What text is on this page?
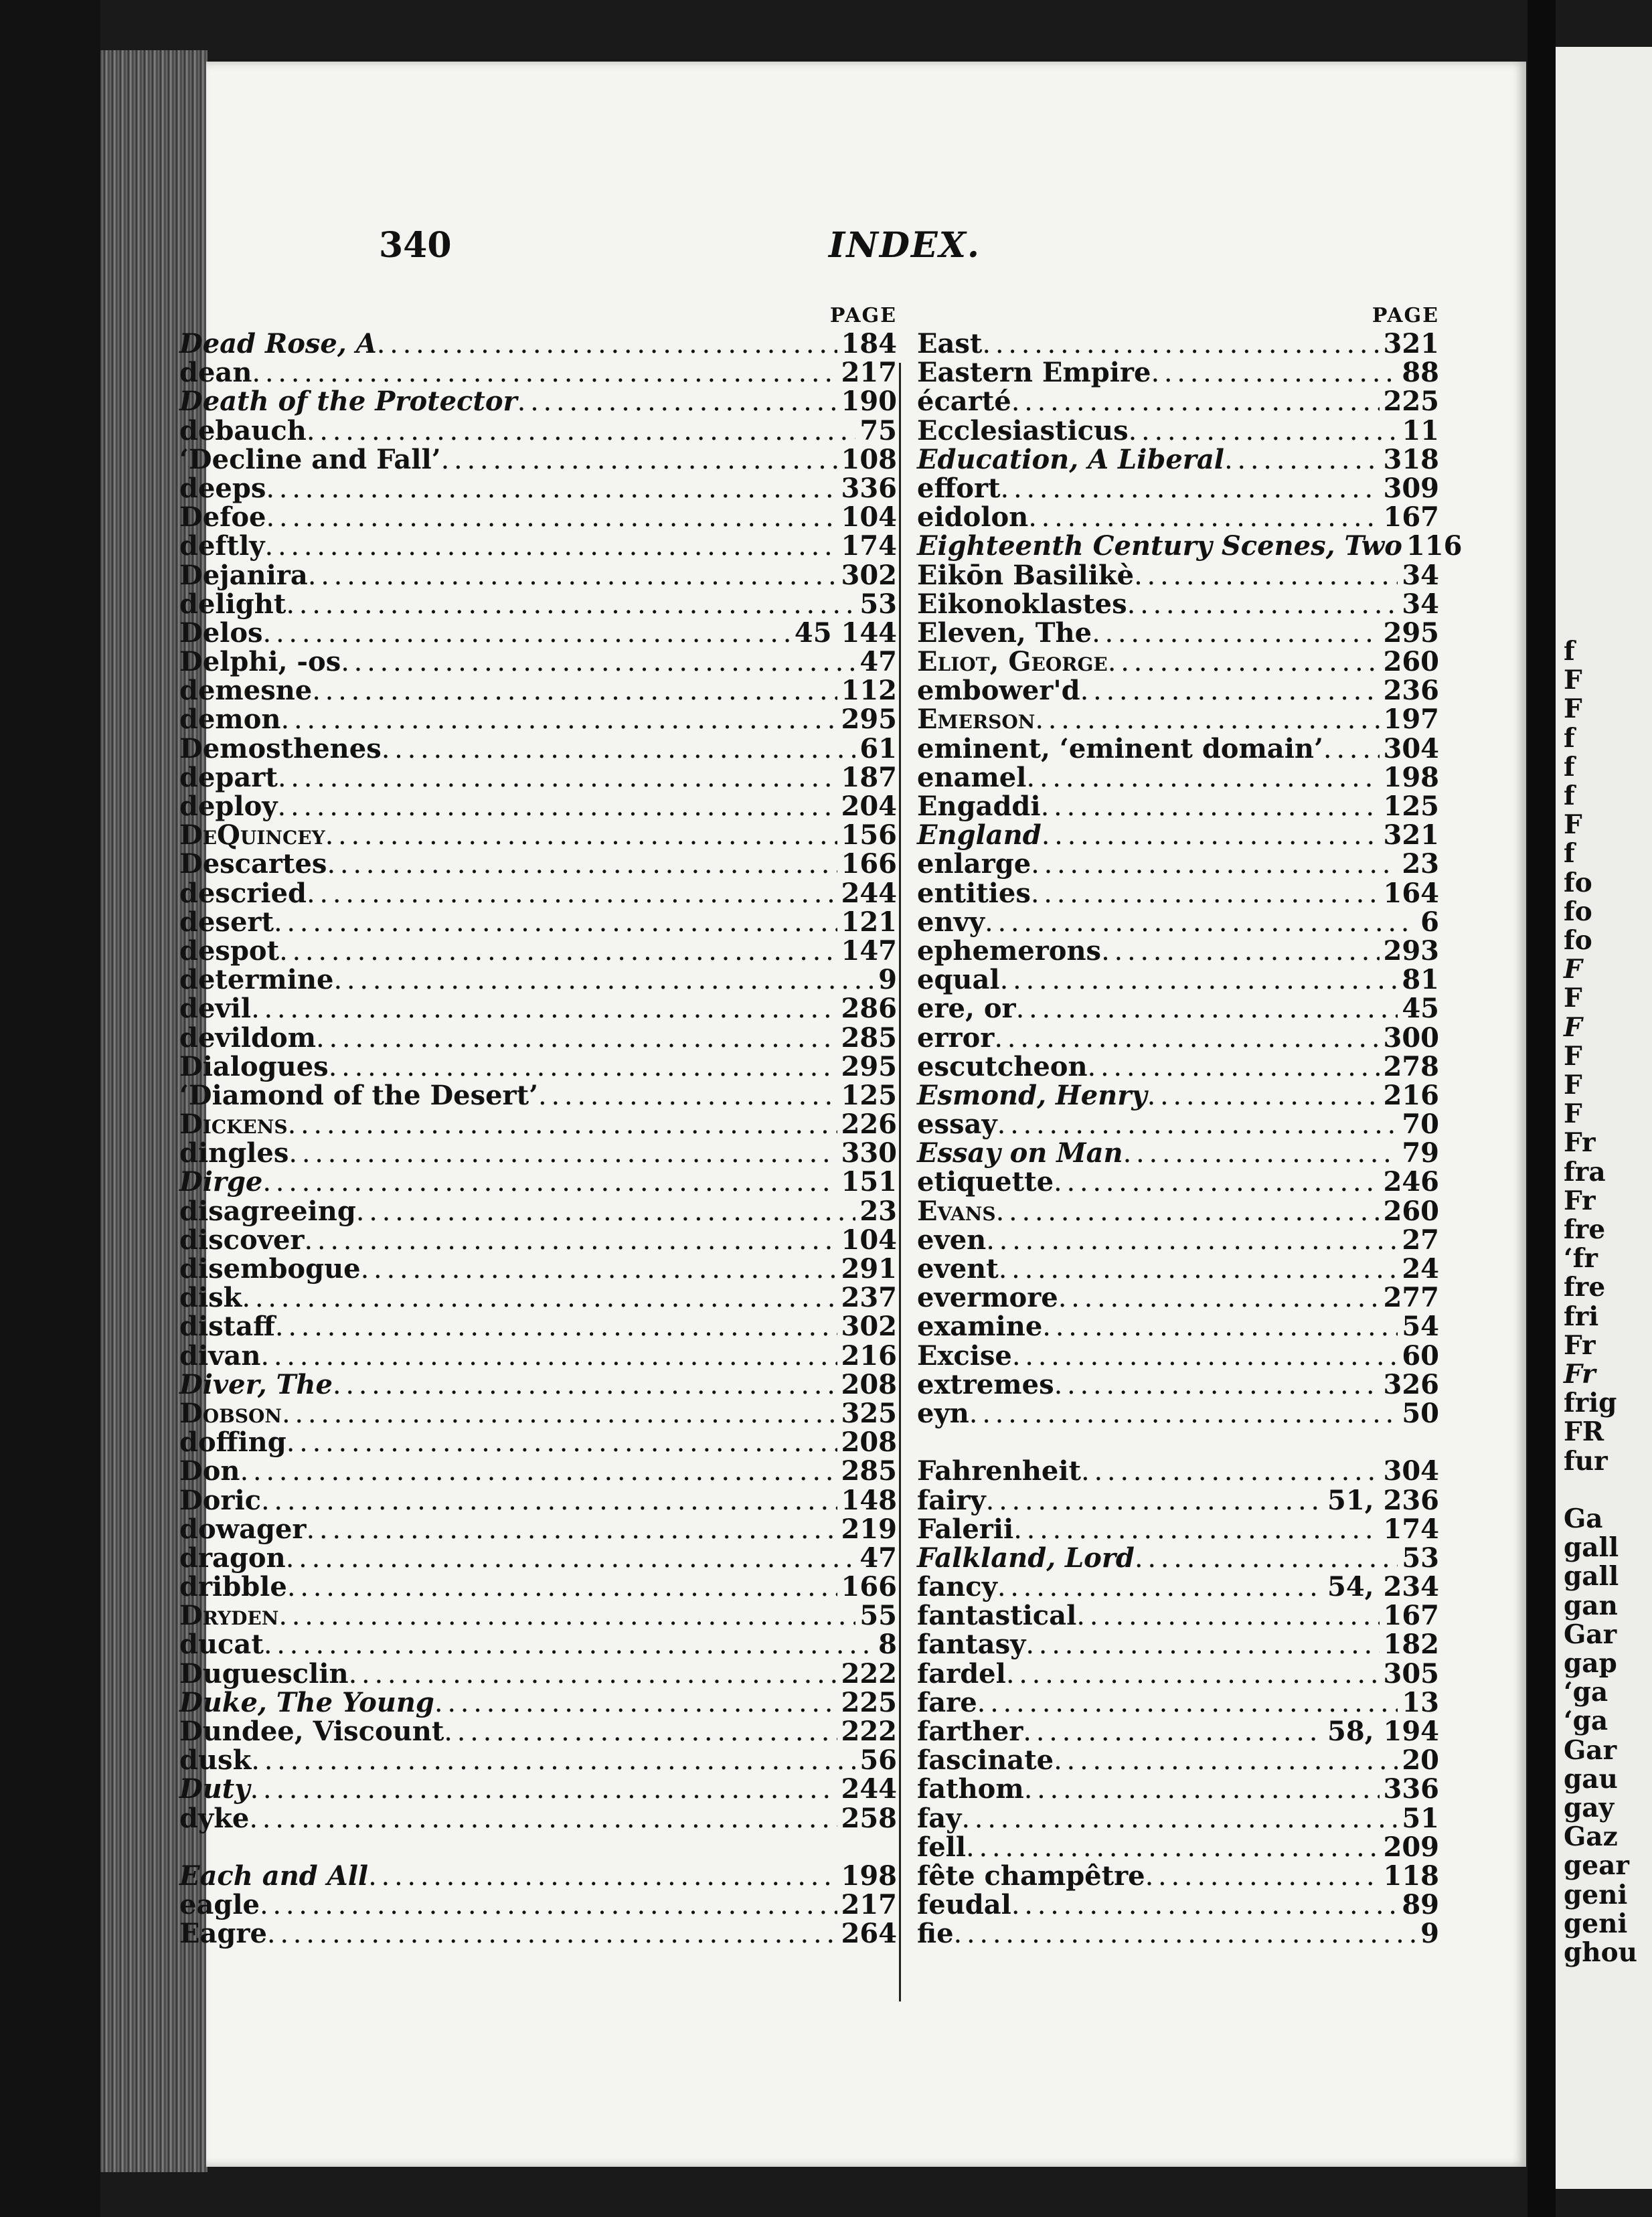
340	INDEX.
PAGE
Dead Rose, A . . .	184
dean . . .	217
Death of the Protector . . .	190
debauch . . .	75
‘Decline and Fall’ . . .	108
deeps . . .	336
Defoe . . .	104
deftly . . .	174
Dejanira . . .	302
delight . . .	53
Delos . . .	45 144
Delphi, -os . . .	47
demesne . . .	112
demon . . .	295
Demosthenes . . .	61
depart . . .	187
deploy . . .	204
DeQuincey . . .	156
Descartes . . .	166
descried . . .	244
desert . . .	121
despot . . .	147
determine . . .	9
devil . . .	286
devildom . . .	285
Dialogues . . .	295
‘Diamond of the Desert’ . . .	125
Dickens . . .	226
dingles . . .	330
Dirge . . .	151
disagreeing . . .	23
discover . . .	104
disembogue . . .	291
disk . . .	237
distaff . . .	302
divan . . .	216
Diver, The . . .	208
Dobson . . .	325
doffing . . .	208
Don . . .	285
Doric . . .	148
dowager . . .	219
dragon . . .	47
dribble . . .	166
Dryden . . .	55
ducat . . .	8
Duguesclin . . .	222
Duke, The Young . . .	225
Dundee, Viscount . . .	222
dusk . . .	56
Duty . . .	244
dyke . . .	258
Each and All . . .	198
eagle . . .	217
Eagre . . .	264
PAGE
East . . .	321
Eastern Empire . . .	88
écarté . . .	225
Ecclesiasticus . . .	11
Education, A Liberal . . .	318
effort . . .	309
eidolon . . .	167
Eighteenth Century Scenes, Two 116
Eikōn Basilikè . . .	34
Eikonoklastes . . .	34
Eleven, The . . .	295
Eliot, George . . .	260
embower'd . . .	236
Emerson . . .	197
eminent, ‘eminent domain’ . . . 304
enamel . . .	198
Engaddi . . .	125
England . . .	321
enlarge . . .	23
entities . . .	164
envy . . .	6
ephemerons . . .	293
equal . . .	81
ere, or . . .	45
error . . .	300
escutcheon . . .	278
Esmond, Henry . . .	216
essay . . .	70
Essay on Man . . .	79
etiquette . . .	246
Evans . . .	260
even . . .	27
event . . .	24
evermore . . .	277
examine . . .	54
Excise . . .	60
extremes . . .	326
eyn . . .	50
Fahrenheit . . .	304
fairy . . .	51, 236
Falerii . . .	174
Falkland, Lord . . .	53
fancy . . .	54, 234
fantastical . . .	167
fantasy . . .	182
fardel . . .	305
fare . . .	13
farther . . .	58, 194
fascinate . . .	20
fathom . . .	336
fay . . .	51
fell . . .	209
fête champêtre . . .	118
feudal . . .	89
fie . . .	9
f
F
F
f
f
f
F
f
fo
fo
fo
F
F
F
F
F
F
Fr
fra
Fr
fre
‘fr
fre
fri
Fr
Fr
frig
FR
fur
Ga
gall
gall
gan
Gar
gap
‘ga
‘ga
Gar
gau
gay
Gaz
gear
geni
geni
ghou
